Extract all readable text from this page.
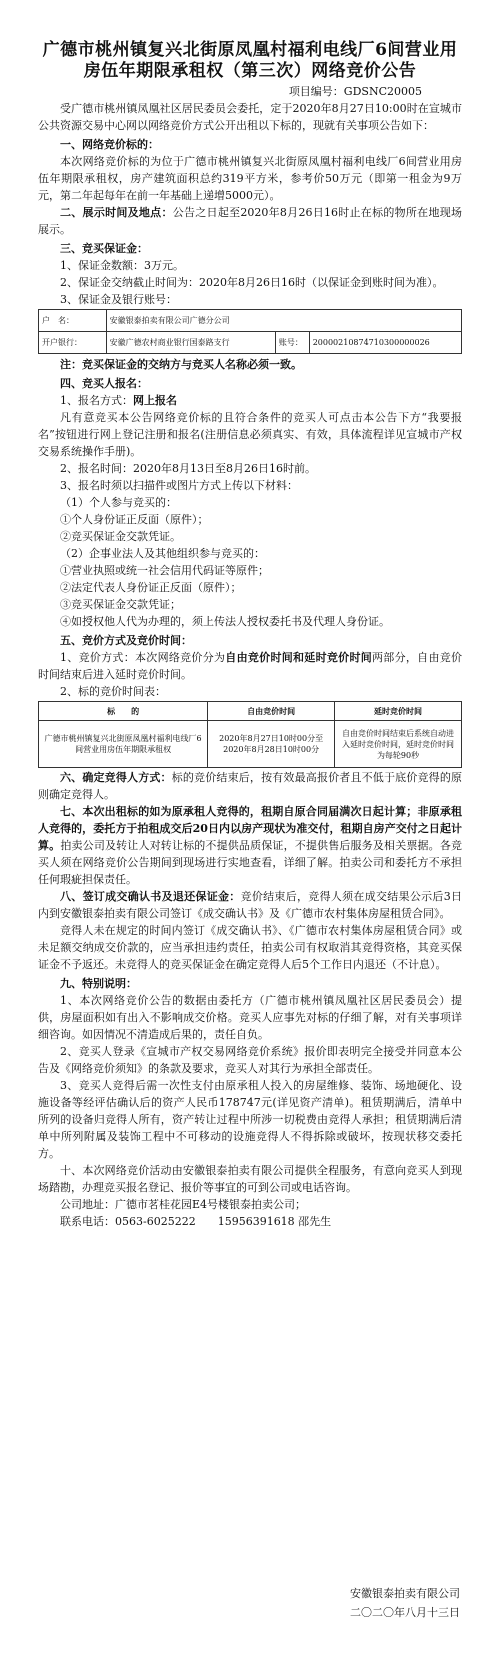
广德市桃州镇复兴北街原凤凰村福利电线厂6间营业用房伍年期限承租权（第三次）网络竞价公告
项目编号：GDSNC20005

受广德市桃州镇凤凰社区居民委员会委托，定于2020年8月27日10:00时在宣城市公共资源交易中心网以网络竞价方式公开出租以下标的，现就有关事项公告如下：

一、网络竞价标的：

本次网络竞价标的为位于广德市桃州镇复兴北街原凤凰村福利电线厂6间营业用房伍年期限承租权，房产建筑面积总约319平方米，参考价50万元（即第一租金为9万元，第二年起每年在前一年基础上递增5000元）。

二、展示时间及地点：公告之日起至2020年8月26日16时止在标的物所在地现场展示。

三、竞买保证金：

1、保证金数额：3万元。

2、保证金交纳截止时间为：2020年8月26日16时（以保证金到账时间为准）。

3、保证金及银行账号：

户　名：	安徽银泰拍卖有限公司广德分公司		
开户银行：	安徽广德农村商业银行国泰路支行	账号：	20000210874710300000026

注：竞买保证金的交纳方与竞买人名称必须一致。

四、竞买人报名：

1、报名方式：网上报名

凡有意竞买本公告网络竞价标的且符合条件的竞买人可点击本公告下方“我要报名”按钮进行网上登记注册和报名(注册信息必须真实、有效，具体流程详见宣城市产权交易系统操作手册)。

2、报名时间：2020年8月13日至8月26日16时前。

3、报名时须以扫描件或图片方式上传以下材料：

（1）个人参与竞买的：

①个人身份证正反面（原件）；

②竞买保证金交款凭证。

（2）企事业法人及其他组织参与竞买的：

①营业执照或统一社会信用代码证等原件；

②法定代表人身份证正反面（原件）；

③竞买保证金交款凭证；

④如授权他人代为办理的，须上传法人授权委托书及代理人身份证。

五、竞价方式及竞价时间：

1、竞价方式：本次网络竞价分为自由竞价时间和延时竞价时间两部分，自由竞价时间结束后进入延时竞价时间。

2、标的竞价时间表：

标　　的	自由竞价时间	延时竞价时间
广德市桃州镇复兴北街原凤凰村福利电线厂6间营业用房伍年期限承租权	2020年8月27日10时00分至2020年8月28日10时00分	自由竞价时间结束后系统自动进入延时竞价时间，延时竞价时间为每轮90秒

六、确定竞得人方式：标的竞价结束后，按有效最高报价者且不低于底价竞得的原则确定竞得人。

七、本次出租标的如为原承租人竞得的，租期自原合同届满次日起计算；非原承租人竞得的，委托方于拍租成交后20日内以房产现状为准交付，租期自房产交付之日起计算。拍卖公司及转让人对转让标的不提供品质保证，不提供售后服务及相关票据。各竞买人须在网络竞价公告期间到现场进行实地查看，详细了解。拍卖公司和委托方不承担任何瑕疵担保责任。

八、签订成交确认书及退还保证金：竞价结束后，竞得人须在成交结果公示后3日内到安徽银泰拍卖有限公司签订《成交确认书》及《广德市农村集体房屋租赁合同》。

竞得人未在规定的时间内签订《成交确认书》、《广德市农村集体房屋租赁合同》或未足额交纳成交价款的，应当承担违约责任，拍卖公司有权取消其竞得资格，其竞买保证金不予返还。未竞得人的竞买保证金在确定竞得人后5个工作日内退还（不计息）。

九、特别说明：

1、本次网络竞价公告的数据由委托方（广德市桃州镇凤凰社区居民委员会）提供，房屋面积如有出入不影响成交价格。竞买人应事先对标的仔细了解，对有关事项详细咨询。如因情况不清造成后果的，责任自负。

2、竞买人登录《宣城市产权交易网络竞价系统》报价即表明完全接受并同意本公告及《网络竞价须知》的条款及要求，竞买人对其行为承担全部责任。

3、竞买人竞得后需一次性支付由原承租人投入的房屋维修、装饰、场地硬化、设施设备等经评估确认后的资产人民币178747元(详见资产清单)。租赁期满后，清单中所列的设备归竞得人所有，资产转让过程中所涉一切税费由竞得人承担；租赁期满后清单中所列附属及装饰工程中不可移动的设施竞得人不得拆除或破坏，按现状移交委托方。

十、本次网络竞价活动由安徽银泰拍卖有限公司提供全程服务，有意向竞买人到现场踏勘，办理竞买报名登记、报价等事宜的可到公司或电话咨询。

公司地址：广德市茗桂花园E4号楼银泰拍卖公司；

联系电话：0563-6025222　　15956391618 邵先生

安徽银泰拍卖有限公司
二〇二〇年八月十三日
